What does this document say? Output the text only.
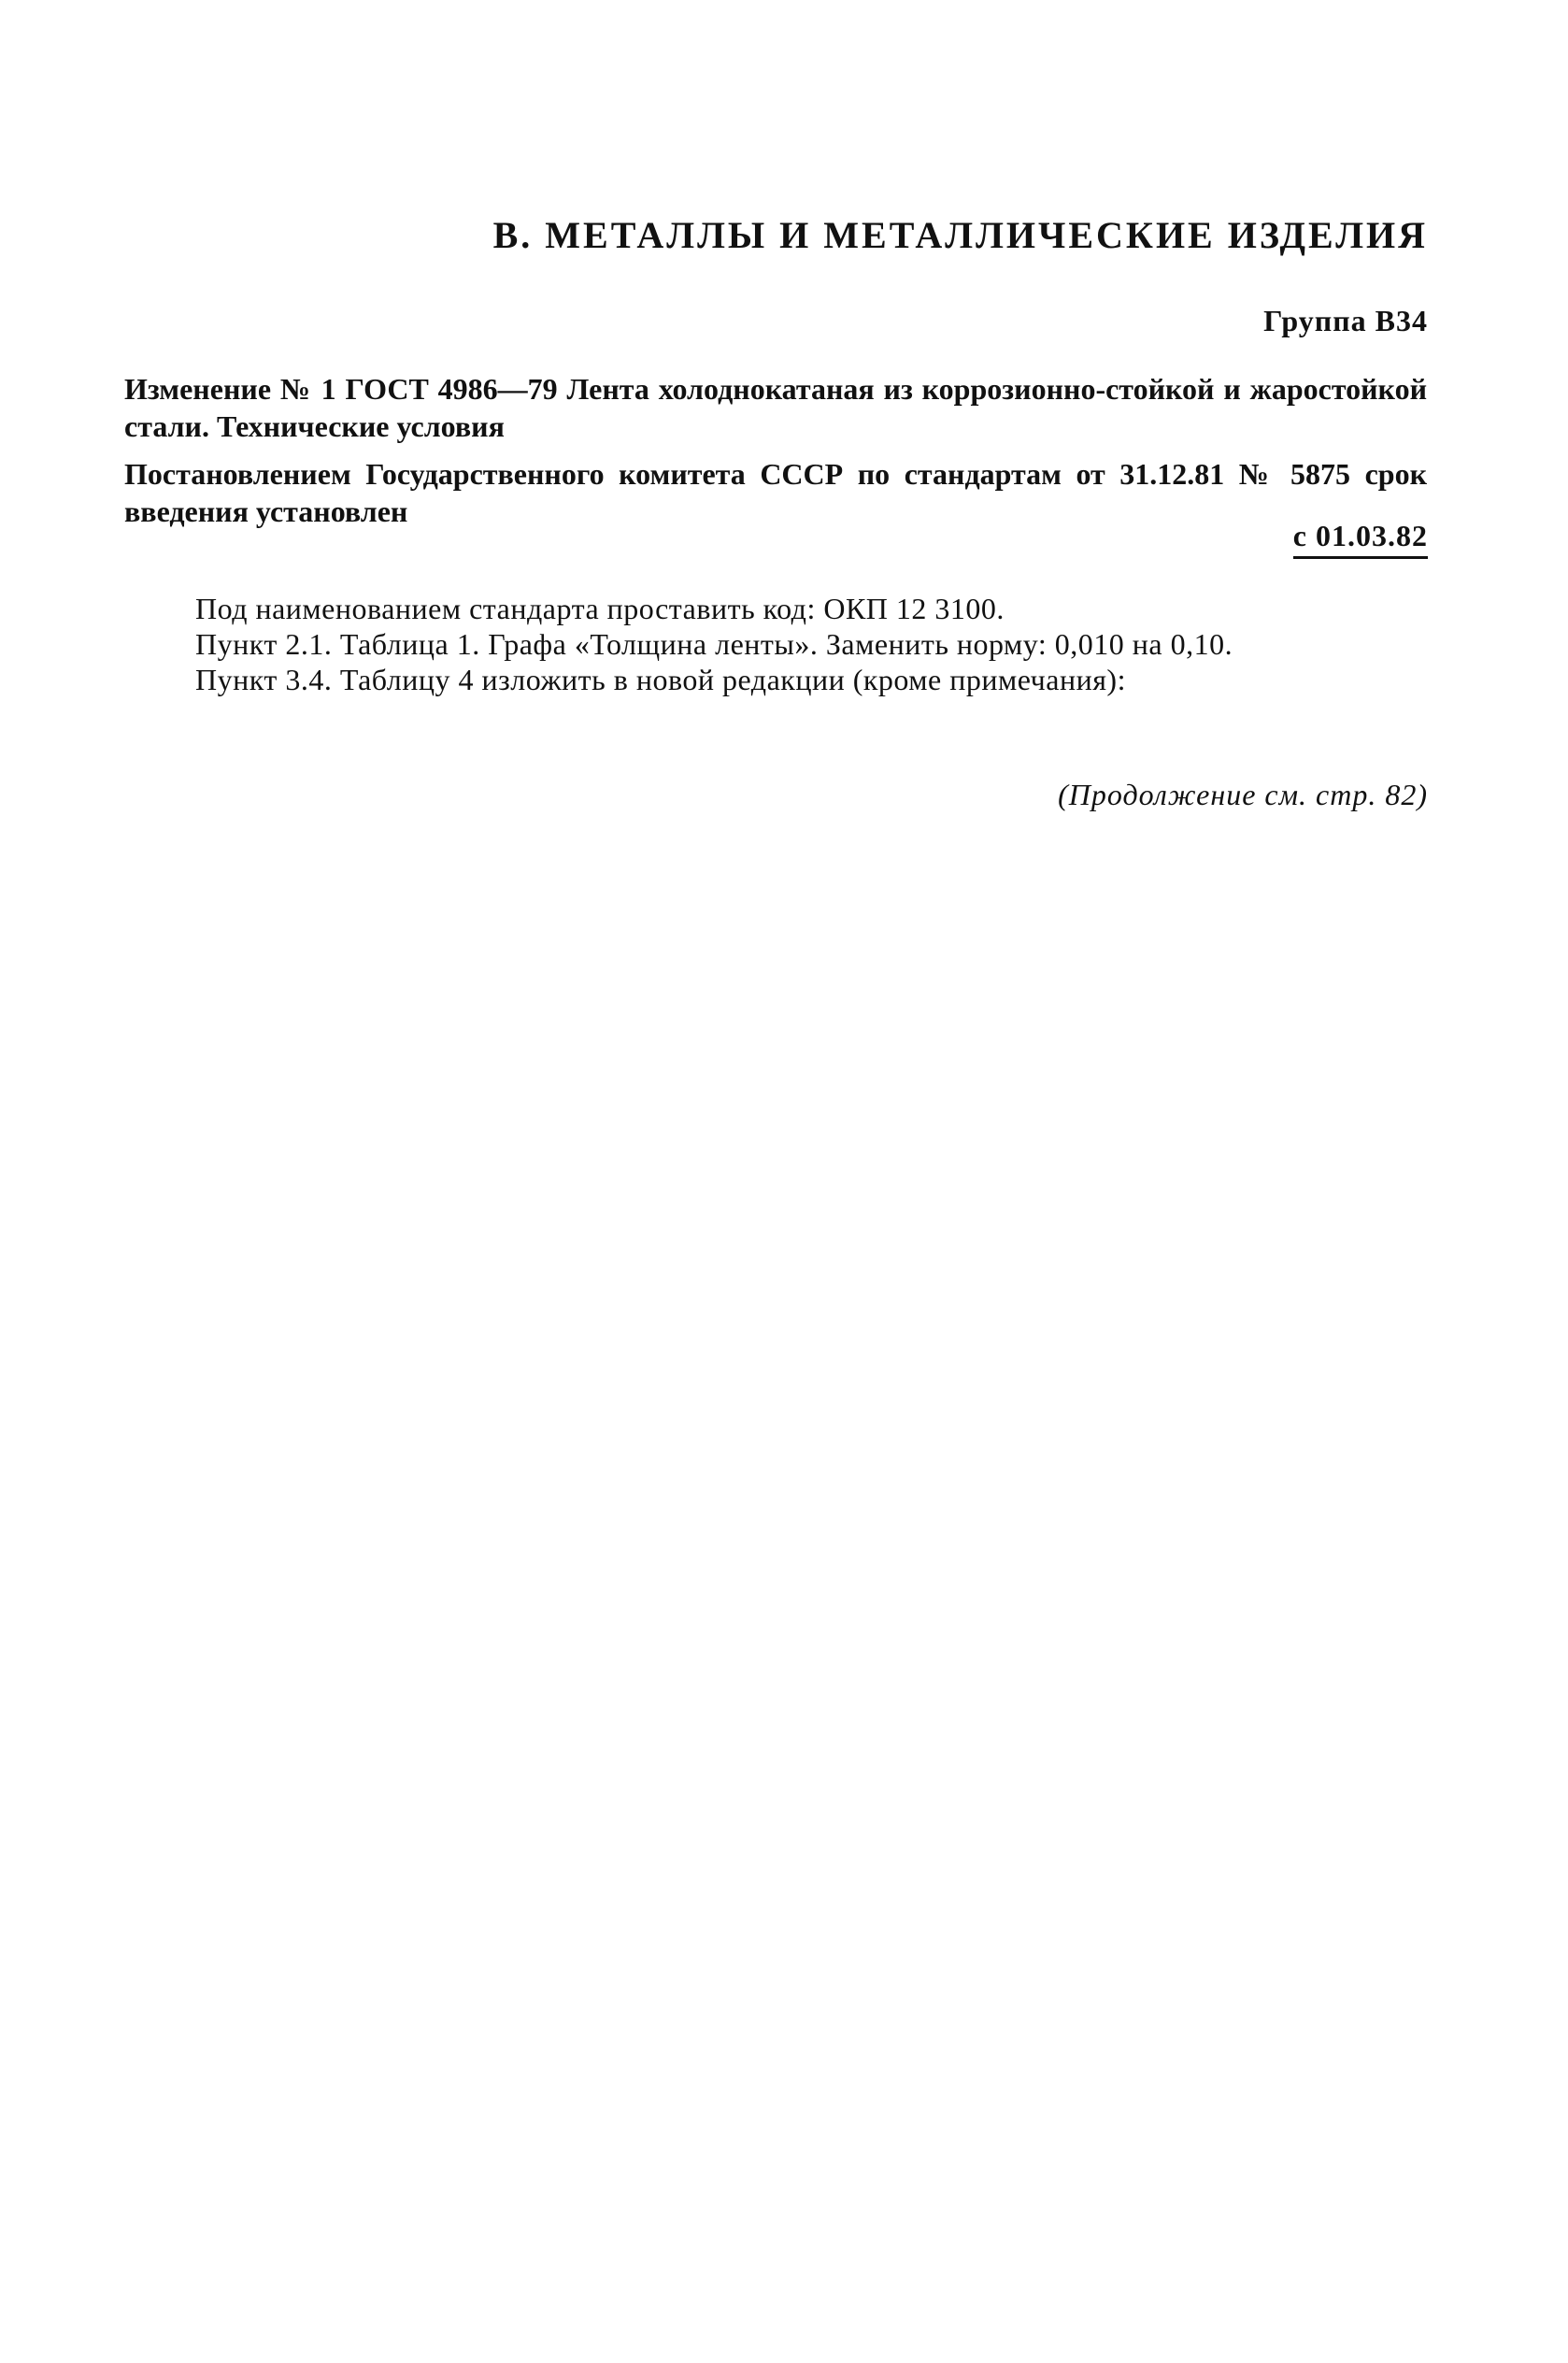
В. МЕТАЛЛЫ И МЕТАЛЛИЧЕСКИЕ ИЗДЕЛИЯ
Группа В34

Изменение № 1 ГОСТ 4986—79 Лента холоднокатаная из коррозионно-стойкой и жаростойкой стали. Технические условия

Постановлением Государственного комитета СССР по стандартам от 31.12.81 № 5875 срок введения установлен

с 01.03.82

Под наименованием стандарта проставить код: ОКП 12 3100.

Пункт 2.1. Таблица 1. Графа «Толщина ленты». Заменить норму: 0,010 на 0,10.

Пункт 3.4. Таблицу 4 изложить в новой редакции (кроме примечания):

(Продолжение см. стр. 82)
